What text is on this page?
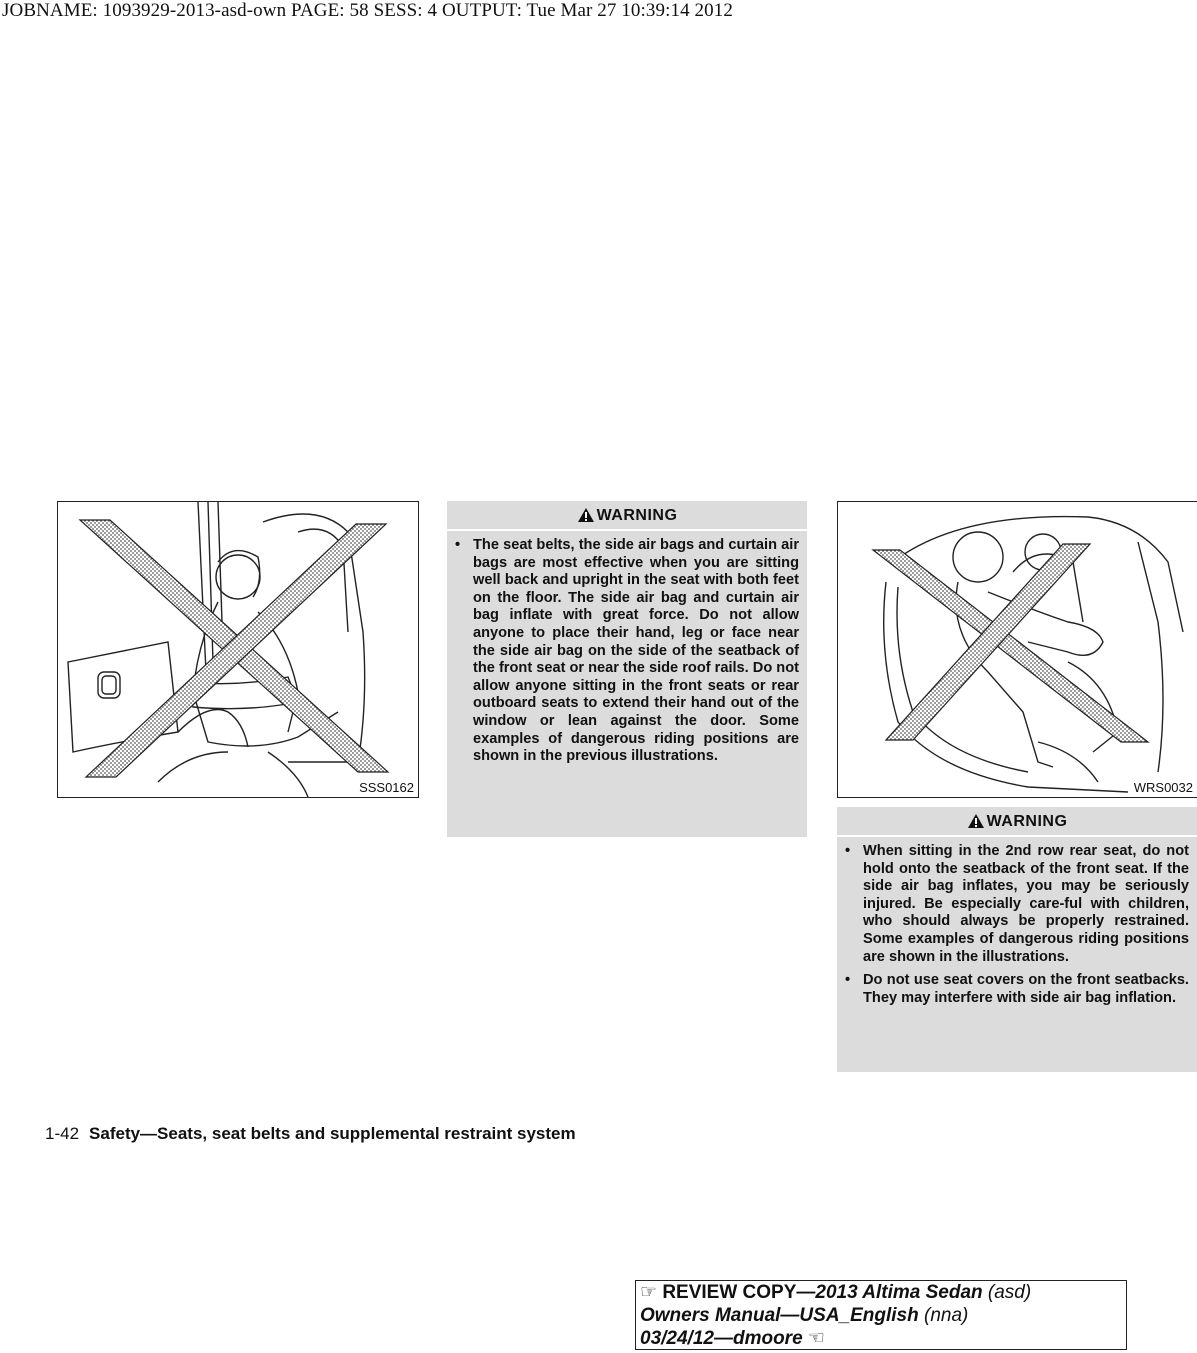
JOBNAME: 1093929-2013-asd-own PAGE: 58 SESS: 4 OUTPUT: Tue Mar 27 10:39:14 2012
SSS0162
WARNING
• The seat belts, the side air bags and curtain air bags are most effective when you are sitting well back and upright in the seat with both feet on the floor. The side air bag and curtain air bag inflate with great force. Do not allow anyone to place their hand, leg or face near the side air bag on the side of the seatback of the front seat or near the side roof rails. Do not allow anyone sitting in the front seats or rear outboard seats to extend their hand out of the window or lean against the door. Some examples of dangerous riding positions are shown in the previous illustrations.
WRS0032
WARNING
• When sitting in the 2nd row rear seat, do not hold onto the seatback of the front seat. If the side air bag inflates, you may be seriously injured. Be especially care-ful with children, who should always be properly restrained. Some examples of dangerous riding positions are shown in the illustrations.
• Do not use seat covers on the front seatbacks. They may interfere with side air bag inflation.
1-42 Safety—Seats, seat belts and supplemental restraint system
☞ REVIEW COPY—2013 Altima Sedan (asd)
Owners Manual—USA_English (nna)
03/24/12—dmoore ☜
